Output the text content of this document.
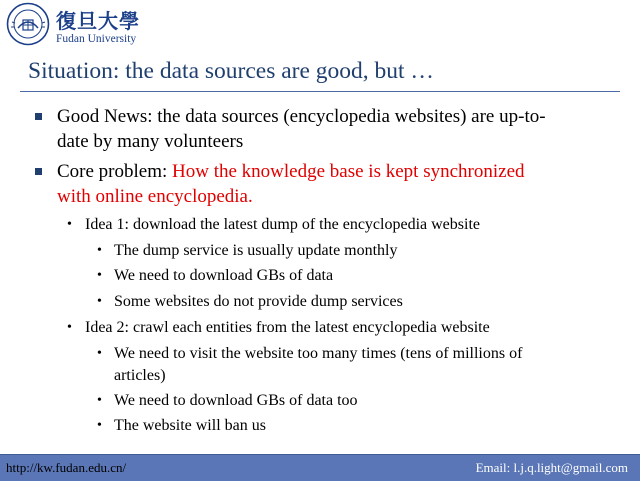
復旦大學
Fudan University
Situation: the data sources are good, but …
Good News: the data sources (encyclopedia websites) are up-to-
date by many volunteers
Core problem: How the knowledge base is kept synchronized
with online encyclopedia.
• Idea 1: download the latest dump of the encyclopedia website
• The dump service is usually update monthly
• We need to download GBs of data
• Some websites do not provide dump services
• Idea 2: crawl each entities from the latest encyclopedia website
• We need to visit the website too many times (tens of millions of
articles)
• We need to download GBs of data too
• The website will ban us
http://kw.fudan.edu.cn/	Email: l.j.q.light@gmail.com
